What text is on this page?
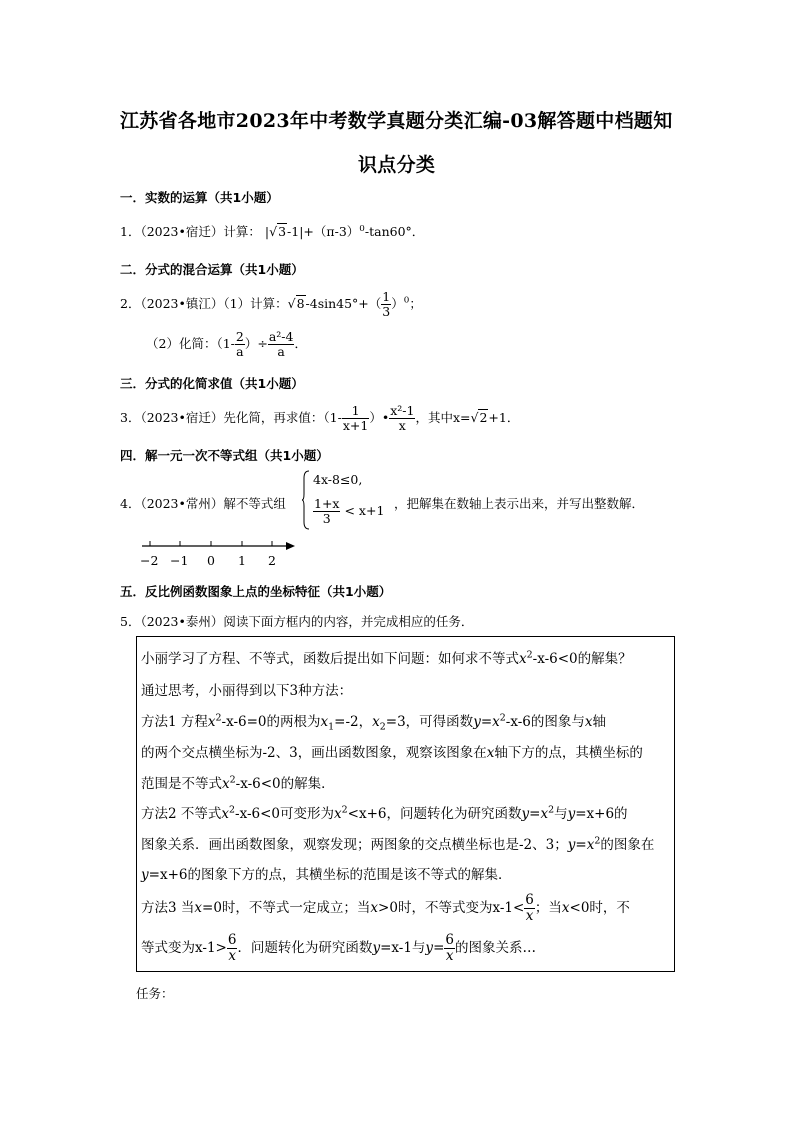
江苏省各地市2023年中考数学真题分类汇编-03解答题中档题知
识点分类
一．实数的运算（共1小题）
1．（2023•宿迁）计算： $|√3-1|+(\pi-3)^0-\tan 60^\circ$．
二．分式的混合运算（共1小题）
2．（2023•镇江）（1）计算：$√8-4\sin 45^\circ+( \frac{1}{3} )^0$；
（2）化简：（$1- \frac{2}{a}$ ）÷ $\frac{\text{a²-4}}{a}$ ．
三．分式的化简求值（共1小题）
3．（2023•宿迁）先化简，再求值：（$1- \frac{1}{x+1}$ ）• $\frac{\text{x²-1}}{x}$ ，其中x=√2+1．
四．解一元一次不等式组（共1小题）
4．（2023•常州）解不等式组
4x-8≤0,
$\frac{1+x}{3} < x+1$ ，把解集在数轴上表示出来，并写出整数解．
−2 −1 0 1 2
五．反比例函数图象上点的坐标特征（共1小题）
5．（2023•泰州）阅读下面方框内的内容，并完成相应的任务．
小丽学习了方程、不等式，函数后提出如下问题：如何求不等式$x^2-x-6<0$的解集？
通过思考，小丽得到以下3种方法：
方法1 方程$x^2-x-6=0$的两根为$x_1=-2$，$x_2=3$，可得函数$y=x^2-x-6$的图象与x轴
的两个交点横坐标为-2、3，画出函数图象，观察该图象在x轴下方的点，其横坐标的
范围是不等式$x^2-x-6<0$的解集．
方法2 不等式$x^2-x-6<0$可变形为$x^2<x+6$，问题转化为研究函数$y=x^2$与y=x+6的
图象关系．画出函数图象，观察发现；两图象的交点横坐标也是-2、3；$y=x^2$的图象在
y=x+6的图象下方的点，其横坐标的范围是该不等式的解集．
方法3 当x=0时，不等式一定成立；当x>0时，不等式变为$x-1< \frac{6}{x}$ ；当x<0时，不
等式变为$x-1> \frac{6}{x}$ ．问题转化为研究函数y=x-1与$y= \frac{6}{x}$ 的图象关系…
任务：
